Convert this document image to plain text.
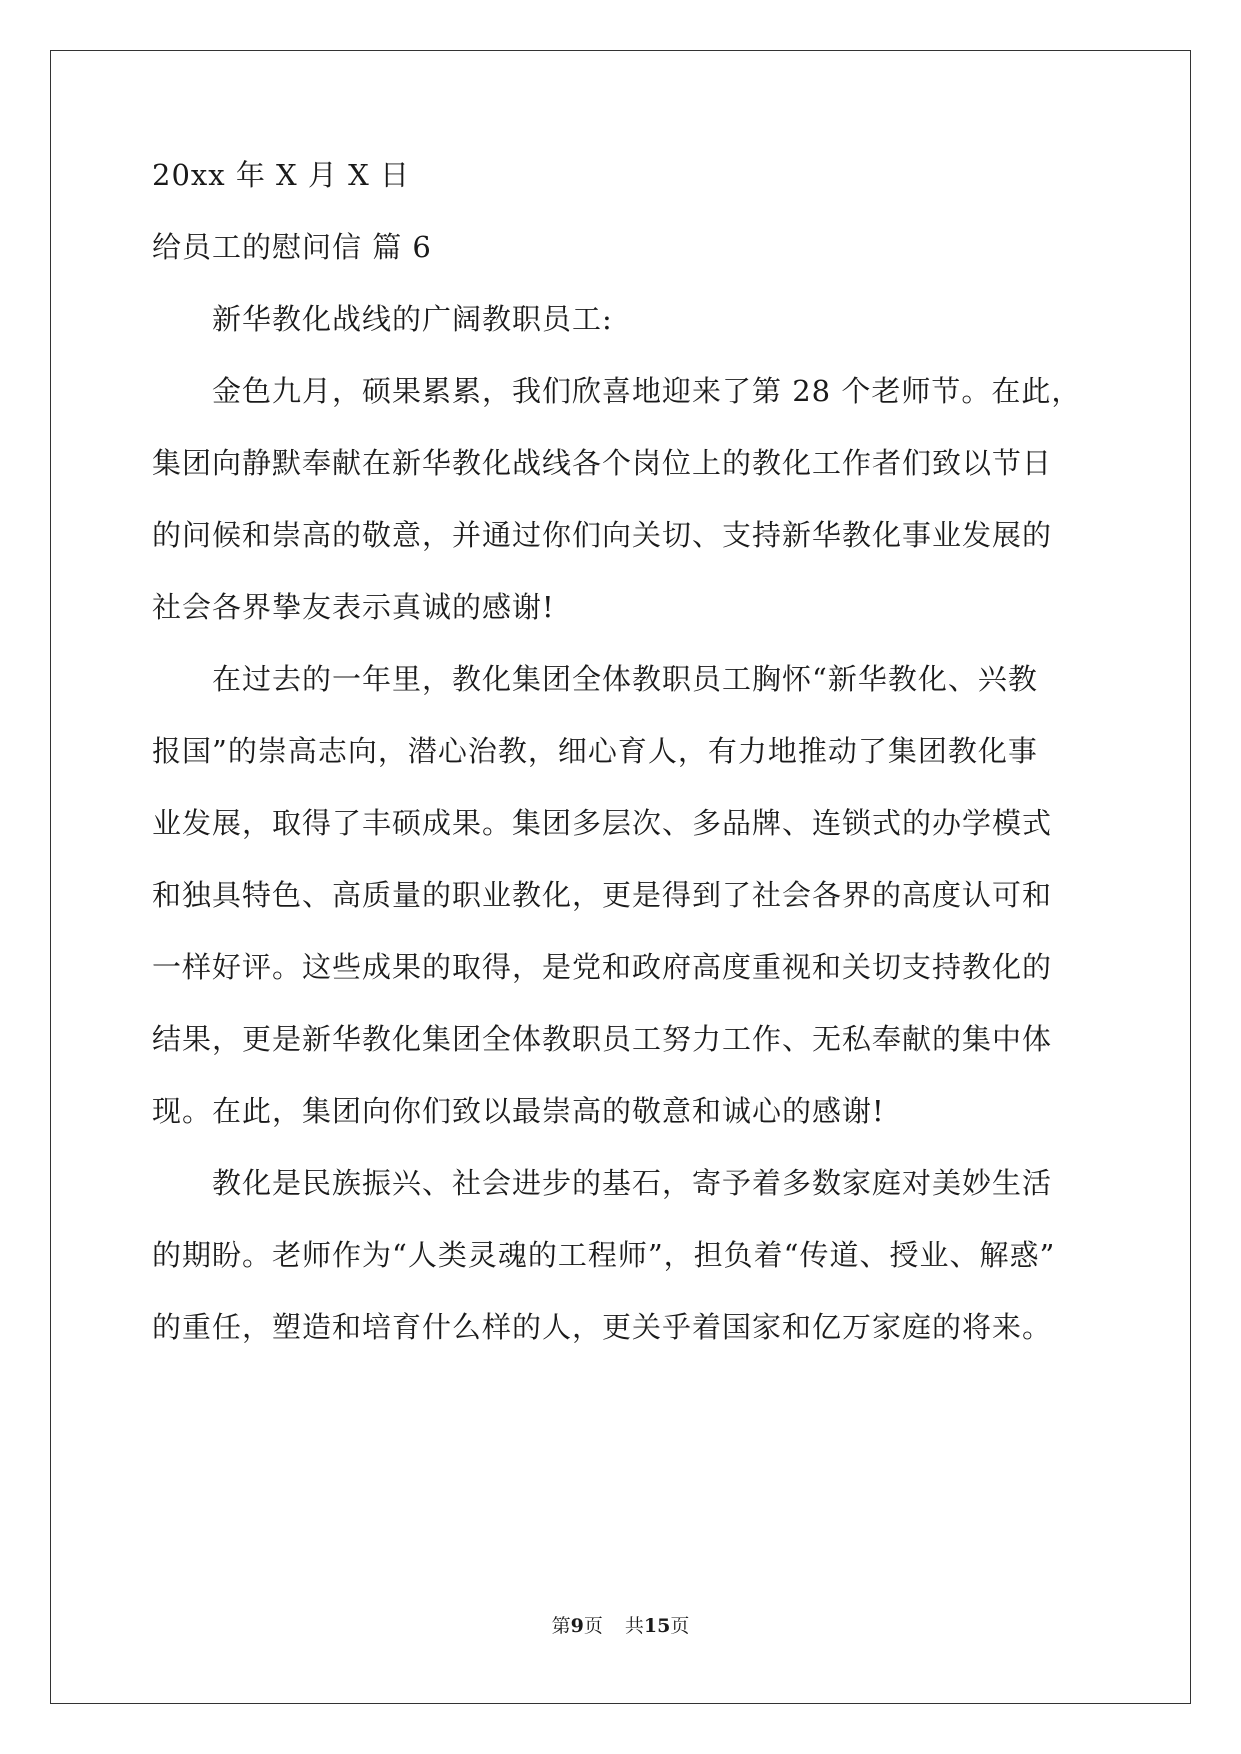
20xx 年 X 月 X 日
给员工的慰问信 篇 6
新华教化战线的广阔教职员工:
金色九月，硕果累累，我们欣喜地迎来了第 28 个老师节。在此，
集团向静默奉献在新华教化战线各个岗位上的教化工作者们致以节日
的问候和崇高的敬意，并通过你们向关切、支持新华教化事业发展的
社会各界挚友表示真诚的感谢!
在过去的一年里，教化集团全体教职员工胸怀“新华教化、兴教
报国”的崇高志向，潜心治教，细心育人，有力地推动了集团教化事
业发展，取得了丰硕成果。集团多层次、多品牌、连锁式的办学模式
和独具特色、高质量的职业教化，更是得到了社会各界的高度认可和
一样好评。这些成果的取得，是党和政府高度重视和关切支持教化的
结果，更是新华教化集团全体教职员工努力工作、无私奉献的集中体
现。在此，集团向你们致以最崇高的敬意和诚心的感谢!
教化是民族振兴、社会进步的基石，寄予着多数家庭对美妙生活
的期盼。老师作为“人类灵魂的工程师”，担负着“传道、授业、解惑”
的重任，塑造和培育什么样的人，更关乎着国家和亿万家庭的将来。
第9页 共15页
